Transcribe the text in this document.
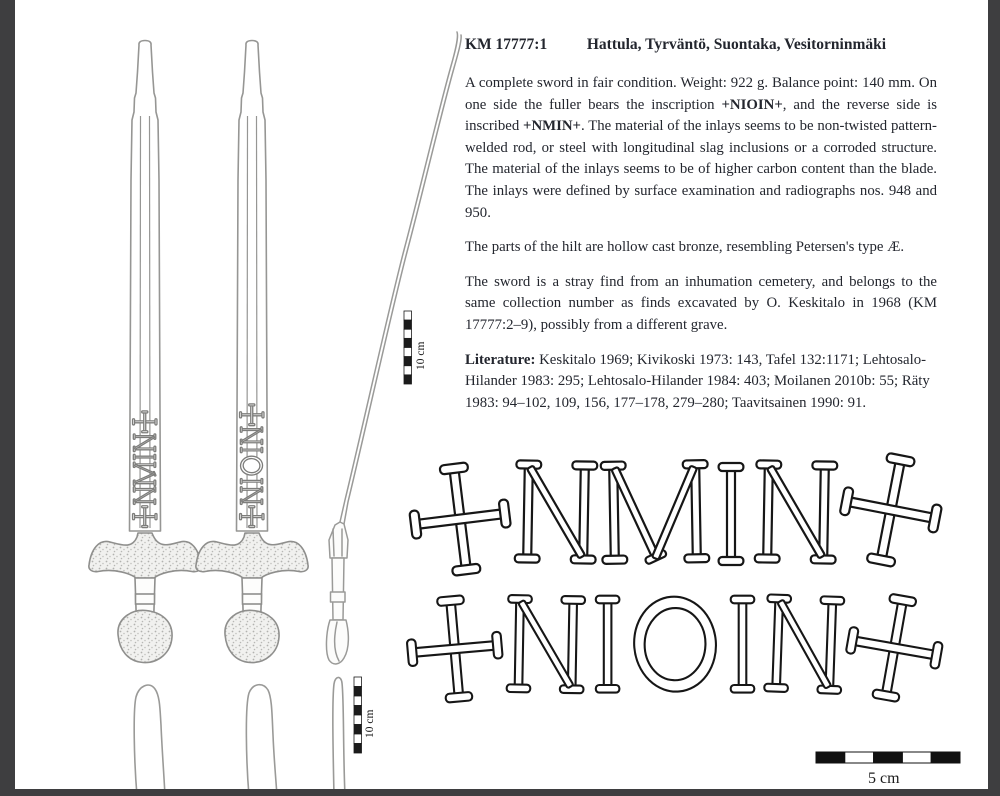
10 cm
10 cm
5 cm
KM 17777:1	Hattula, Tyrväntö, Suontaka, Vesitorninmäki

A complete sword in fair condition. Weight: 922 g. Balance point: 140 mm. On one side the fuller bears the inscription +NIOIN+, and the reverse side is inscribed +NMIN+. The material of the inlays seems to be non-twisted pattern-welded rod, or steel with longitudinal slag inclusions or a corroded structure. The material of the inlays seems to be of higher carbon content than the blade. The inlays were defined by surface examination and radiographs nos. 948 and 950.

The parts of the hilt are hollow cast bronze, resembling Petersen's type Æ.

The sword is a stray find from an inhumation cemetery, and belongs to the same collection number as finds excavated by O. Keskitalo in 1968 (KM 17777:2–9), possibly from a different grave.

Literature: Keskitalo 1969; Kivikoski 1973: 143, Tafel 132:1171; Lehtosalo-Hilander 1983: 295; Lehtosalo-Hilander 1984: 403; Moilanen 2010b: 55; Räty 1983: 94–102, 109, 156, 177–178, 279–280; Taavitsainen 1990: 91.
